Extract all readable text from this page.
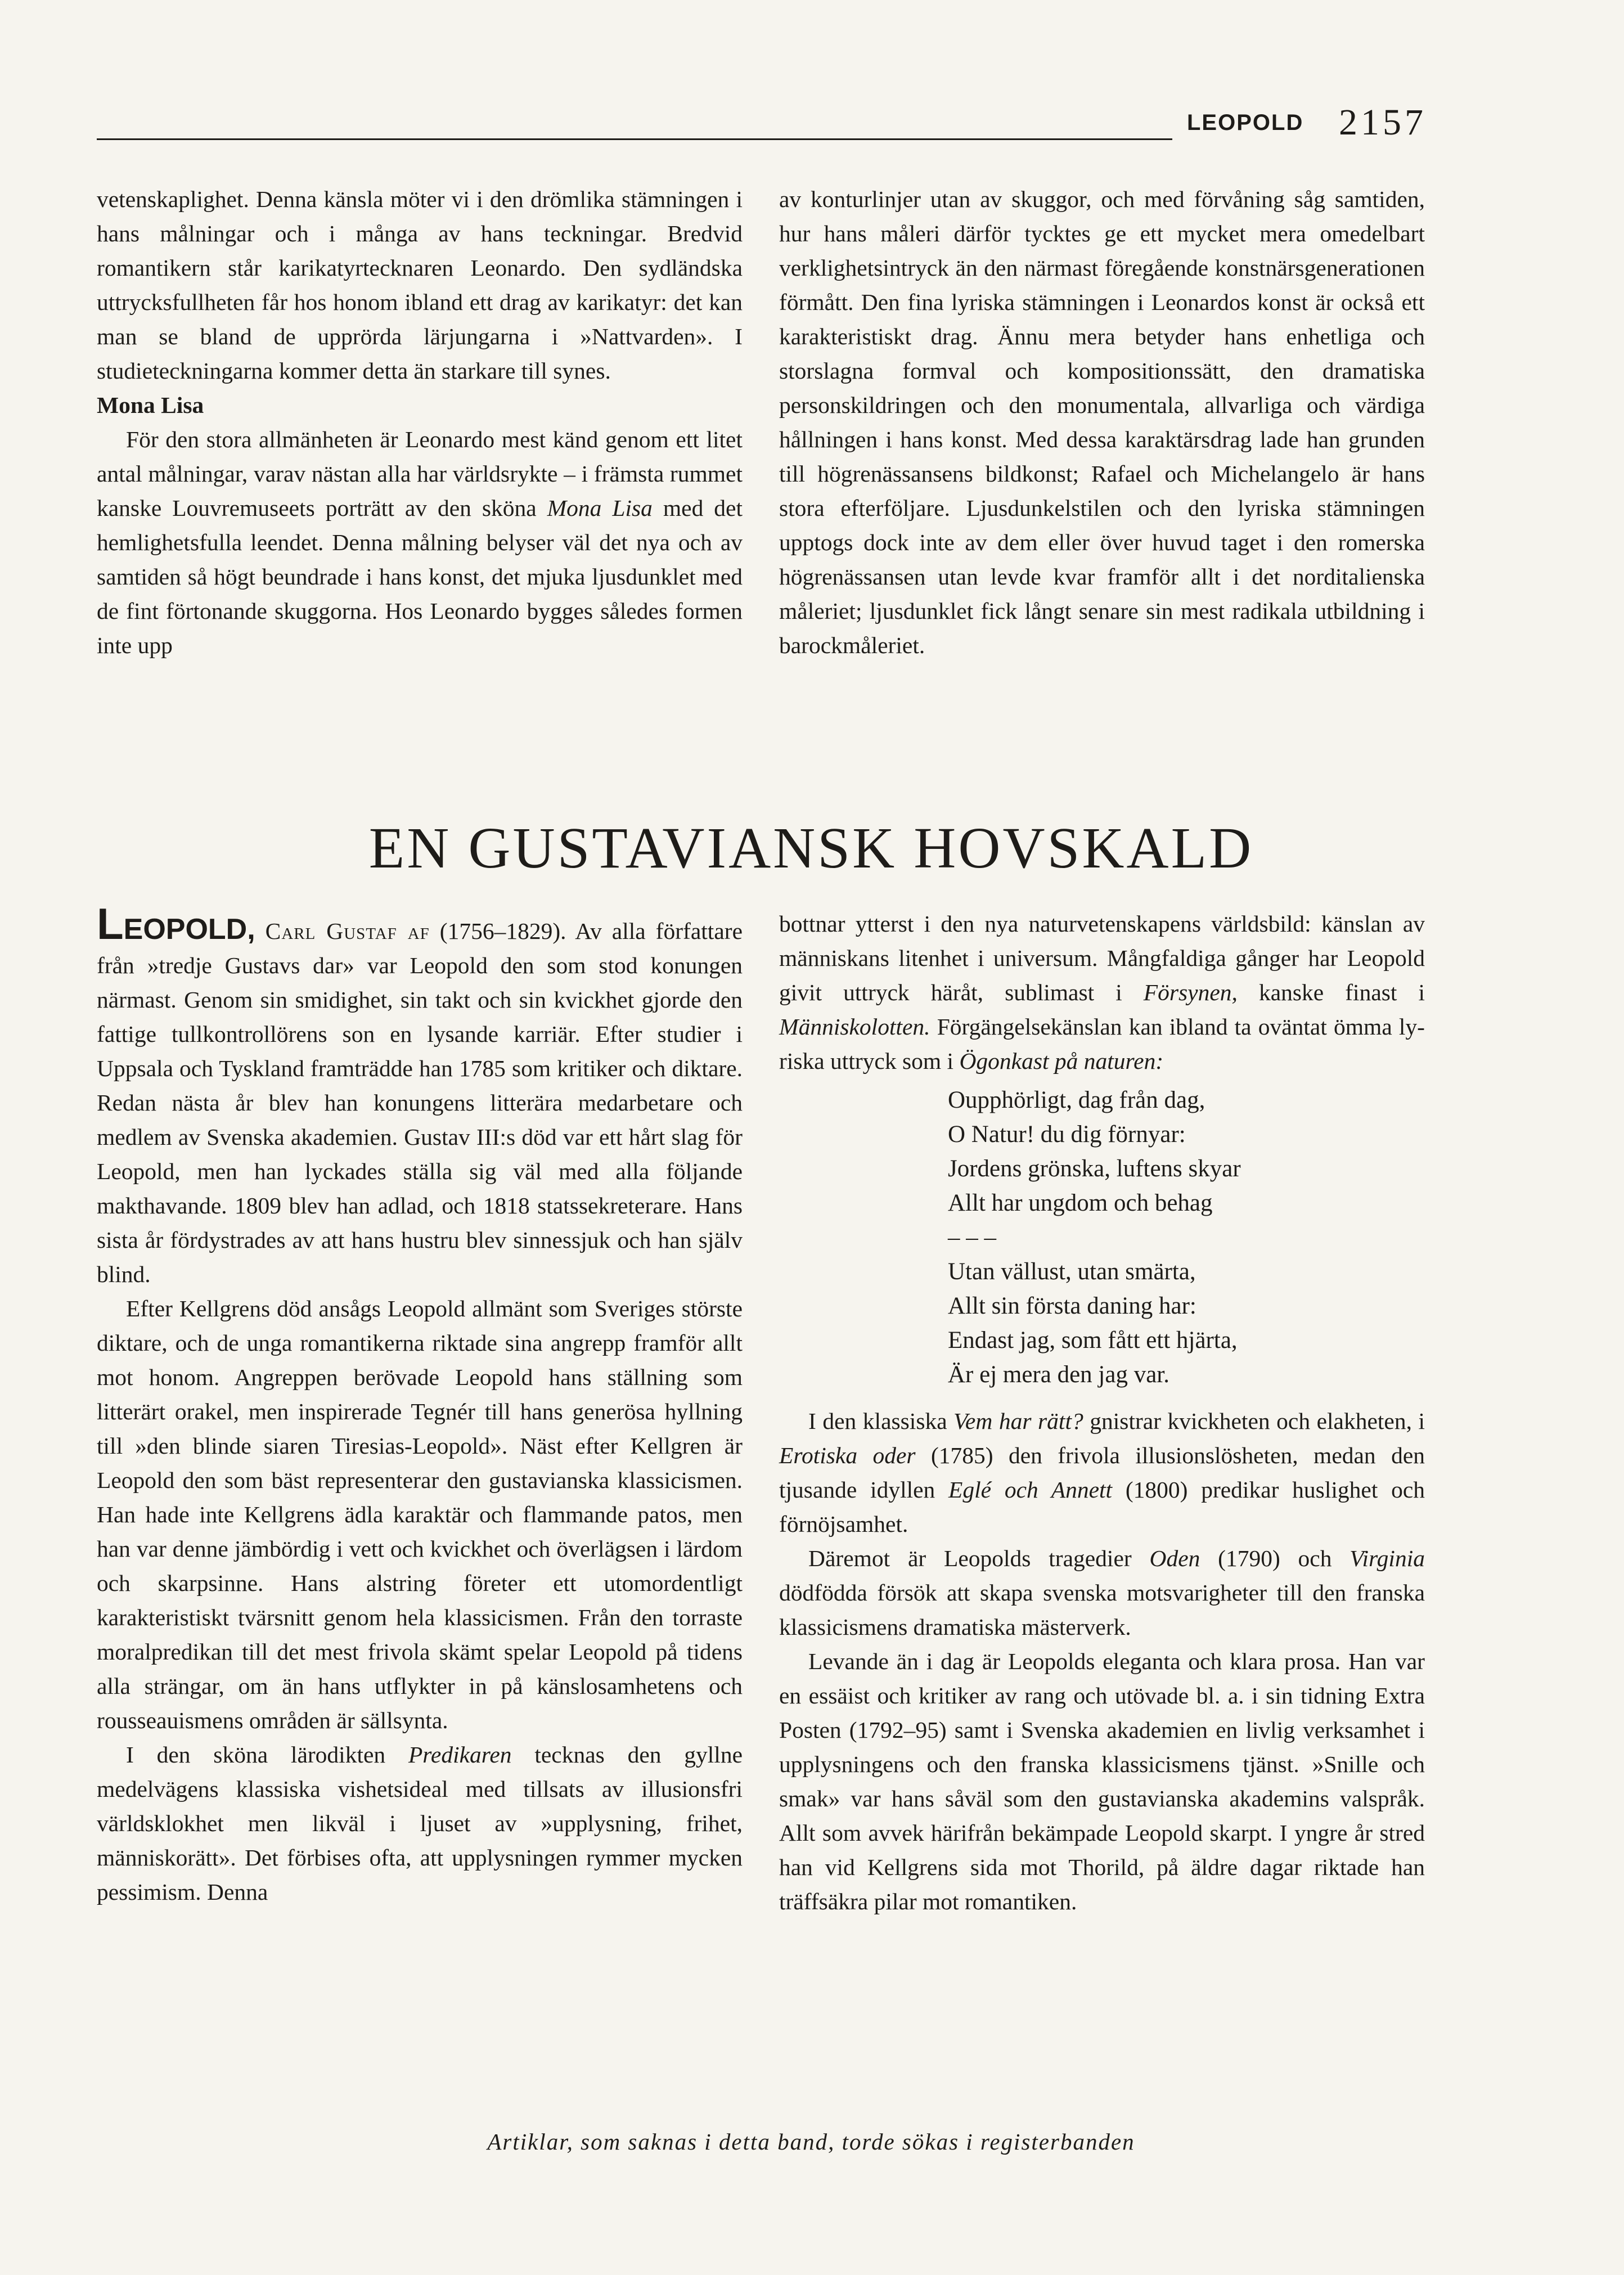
LEOPOLD 2157

vetenskaplighet. Denna känsla möter vi i den drömlika stämningen i hans målningar och i många av hans teckningar. Bredvid romantikern står karikatyrtecknaren Leonardo. Den sydländska uttrycksfullheten får hos honom ibland ett drag av karikatyr: det kan man se bland de upprörda lärjungarna i »Nattvarden». I studieteckningarna kommer detta än starkare till synes.

Mona Lisa

För den stora allmänheten är Leonardo mest känd genom ett litet antal målningar, varav nästan alla har världsrykte – i främsta rummet kanske Louvremuseets porträtt av den sköna Mona Lisa med det hemlighetsfulla leendet. Denna målning belyser väl det nya och av samtiden så högt beundrade i hans konst, det mjuka ljusdunklet med de fint förtonande skuggorna. Hos Leonardo bygges således formen inte upp

av konturlinjer utan av skuggor, och med förvåning såg samtiden, hur hans måleri därför tycktes ge ett mycket mera omedelbart verklighetsintryck än den närmast föregående konstnärsgenerationen förmått. Den fina lyriska stämningen i Leonardos konst är också ett karakteristiskt drag. Ännu mera betyder hans enhetliga och storslagna formval och kompositionssätt, den dramatiska personskildringen och den monumentala, allvarliga och värdiga hållningen i hans konst. Med dessa karaktärsdrag lade han grunden till högrenässansens bildkonst; Rafael och Michelangelo är hans stora efterföljare. Ljusdunkelstilen och den lyriska stämningen upptogs dock inte av dem eller över huvud taget i den romerska högrenässansen utan levde kvar framför allt i det norditalienska måleriet; ljusdunklet fick långt senare sin mest radikala utbildning i barockmåleriet.

EN GUSTAVIANSK HOVSKALD

LEOPOLD, Carl Gustaf af (1756–1829). Av alla författare från »tredje Gustavs dar» var Leopold den som stod konungen närmast. Genom sin smidighet, sin takt och sin kvickhet gjorde den fattige tullkontrollörens son en lysande karriär. Efter studier i Uppsala och Tyskland framträdde han 1785 som kritiker och diktare. Redan nästa år blev han konungens litterära medarbetare och medlem av Svenska akademien. Gustav III:s död var ett hårt slag för Leopold, men han lyckades ställa sig väl med alla följande makthavande. 1809 blev han adlad, och 1818 statssekreterare. Hans sista år fördystrades av att hans hustru blev sinnessjuk och han själv blind.

Efter Kellgrens död ansågs Leopold allmänt som Sveriges störste diktare, och de unga romantikerna riktade sina angrepp framför allt mot honom. Angreppen berövade Leopold hans ställning som litterärt orakel, men inspirerade Tegnér till hans generösa hyllning till »den blinde siaren Tiresias-Leopold». Näst efter Kellgren är Leopold den som bäst representerar den gustavianska klassicismen. Han hade inte Kellgrens ädla karaktär och flammande patos, men han var denne jämbördig i vett och kvickhet och överlägsen i lärdom och skarpsinne. Hans alstring företer ett utomordentligt karakteristiskt tvärsnitt genom hela klassicismen. Från den torraste moralpredikan till det mest frivola skämt spelar Leopold på tidens alla strängar, om än hans utflykter in på känslosamhetens och rousseauismens områden är sällsynta.

I den sköna lärodikten Predikaren tecknas den gyllne medelvägens klassiska vishetsideal med tillsats av illusionsfri världsklokhet men likväl i ljuset av »upplysning, frihet, människorätt». Det förbises ofta, att upplysningen rymmer mycken pessimism. Denna

bottnar ytterst i den nya naturvetenskapens världsbild: känslan av människans litenhet i universum. Mångfaldiga gånger har Leopold givit uttryck häråt, sublimast i Försynen, kanske finast i Människolotten. Förgängelsekänslan kan ibland ta oväntat ömma lyriska uttryck som i Ögonkast på naturen:

Oupphörligt, dag från dag,
O Natur! du dig förnyar:
Jordens grönska, luftens skyar
Allt har ungdom och behag
– – –
Utan vällust, utan smärta,
Allt sin första daning har:
Endast jag, som fått ett hjärta,
Är ej mera den jag var.

I den klassiska Vem har rätt? gnistrar kvickheten och elakheten, i Erotiska oder (1785) den frivola illusionslösheten, medan den tjusande idyllen Eglé och Annett (1800) predikar huslighet och förnöjsamhet.

Däremot är Leopolds tragedier Oden (1790) och Virginia dödfödda försök att skapa svenska motsvarigheter till den franska klassicismens dramatiska mästerverk.

Levande än i dag är Leopolds eleganta och klara prosa. Han var en essäist och kritiker av rang och utövade bl. a. i sin tidning Extra Posten (1792–95) samt i Svenska akademien en livlig verksamhet i upplysningens och den franska klassicismens tjänst. »Snille och smak» var hans såväl som den gustavianska akademins valspråk. Allt som avvek härifrån bekämpade Leopold skarpt. I yngre år stred han vid Kellgrens sida mot Thorild, på äldre dagar riktade han träffsäkra pilar mot romantiken.

Artiklar, som saknas i detta band, torde sökas i registerbanden
